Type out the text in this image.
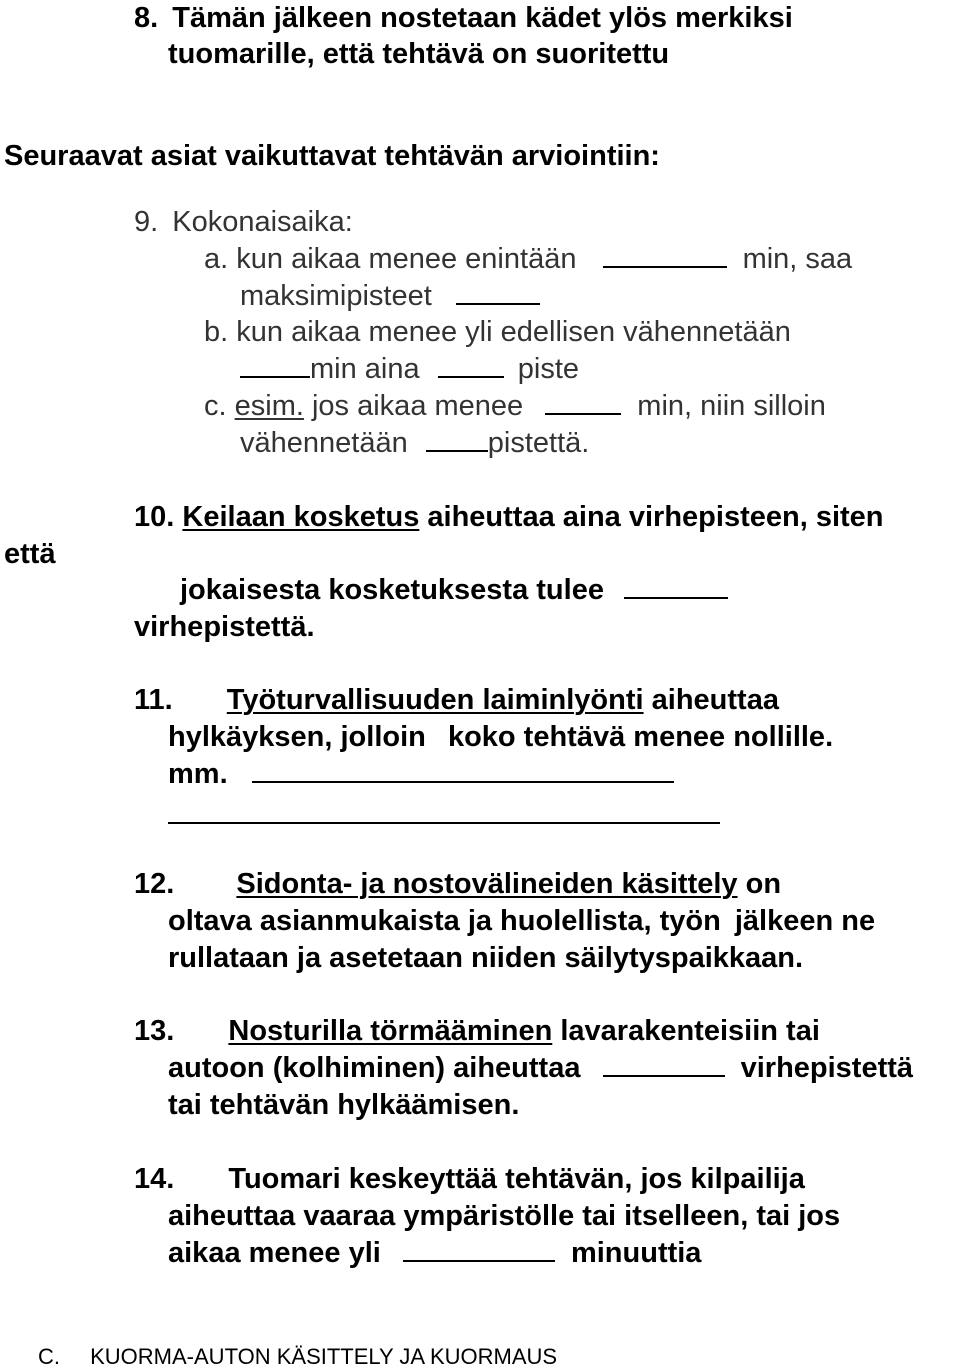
8. Tämän jälkeen nostetaan kädet ylös merkiksi
tuomarille, että tehtävä on suoritettu
Seuraavat asiat vaikuttavat tehtävän arviointiin:
9. Kokonaisaika:
a. kun aikaa menee enintään	min, saa
maksimipisteet
b. kun aikaa menee yli edellisen vähennetään
min aina	piste
c. esim. jos aikaa menee	min, niin silloin
vähennetään	pistettä.
että
10. Keilaan kosketus aiheuttaa aina virhepisteen, siten
jokaisesta kosketuksesta tulee
virhepistettä.
11. Työturvallisuuden laiminlyönti aiheuttaa
hylkäyksen, jolloin koko tehtävä menee nollille.
mm.
12. Sidonta- ja nostovälineiden käsittely on
oltava asianmukaista ja huolellista, työn jälkeen ne
rullataan ja asetetaan niiden säilytyspaikkaan.
13. Nosturilla törmääminen lavarakenteisiin tai
autoon (kolhiminen) aiheuttaa	virhepistettä
tai tehtävän hylkäämisen.
14. Tuomari keskeyttää tehtävän, jos kilpailija
aiheuttaa vaaraa ympäristölle tai itselleen, tai jos
aikaa menee yli	minuuttia
C. KUORMA-AUTON KÄSITTELY JA KUORMAUS
